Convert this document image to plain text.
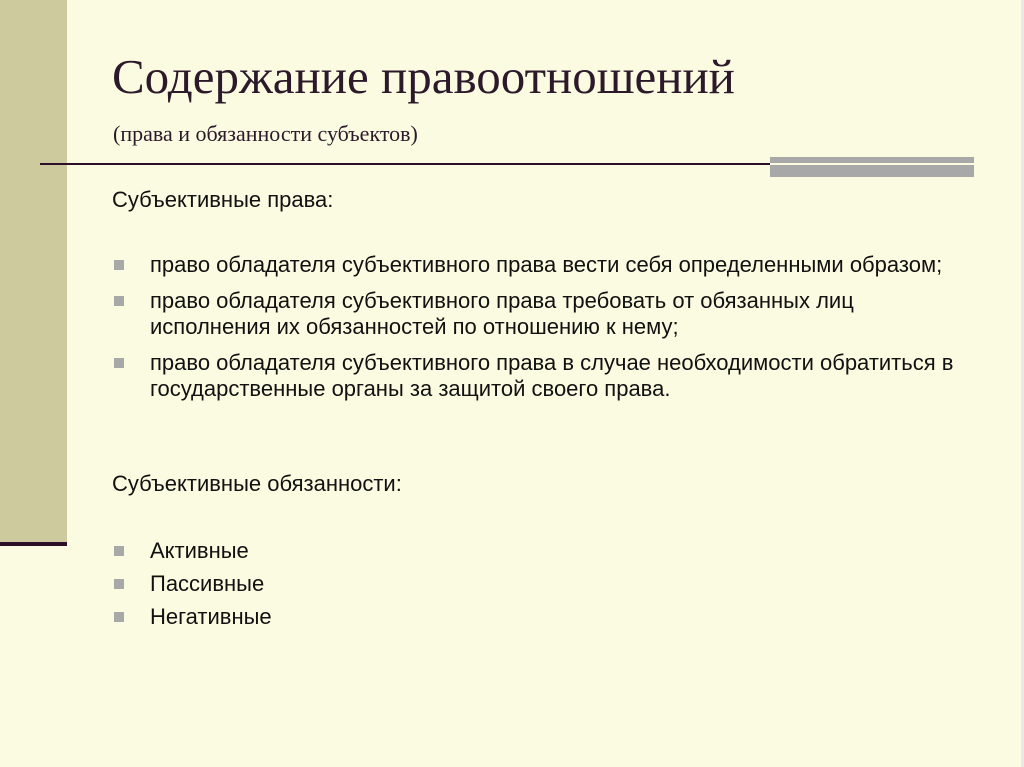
Содержание правоотношений
(права и обязанности субъектов)
Субъективные права:
право обладателя субъективного права вести себя определенными образом;
право обладателя субъективного права требовать от обязанных лиц исполнения их обязанностей по отношению к нему;
право обладателя субъективного права в случае необходимости обратиться в государственные органы за защитой своего права.
Субъективные обязанности:
Активные
Пассивные
Негативные
